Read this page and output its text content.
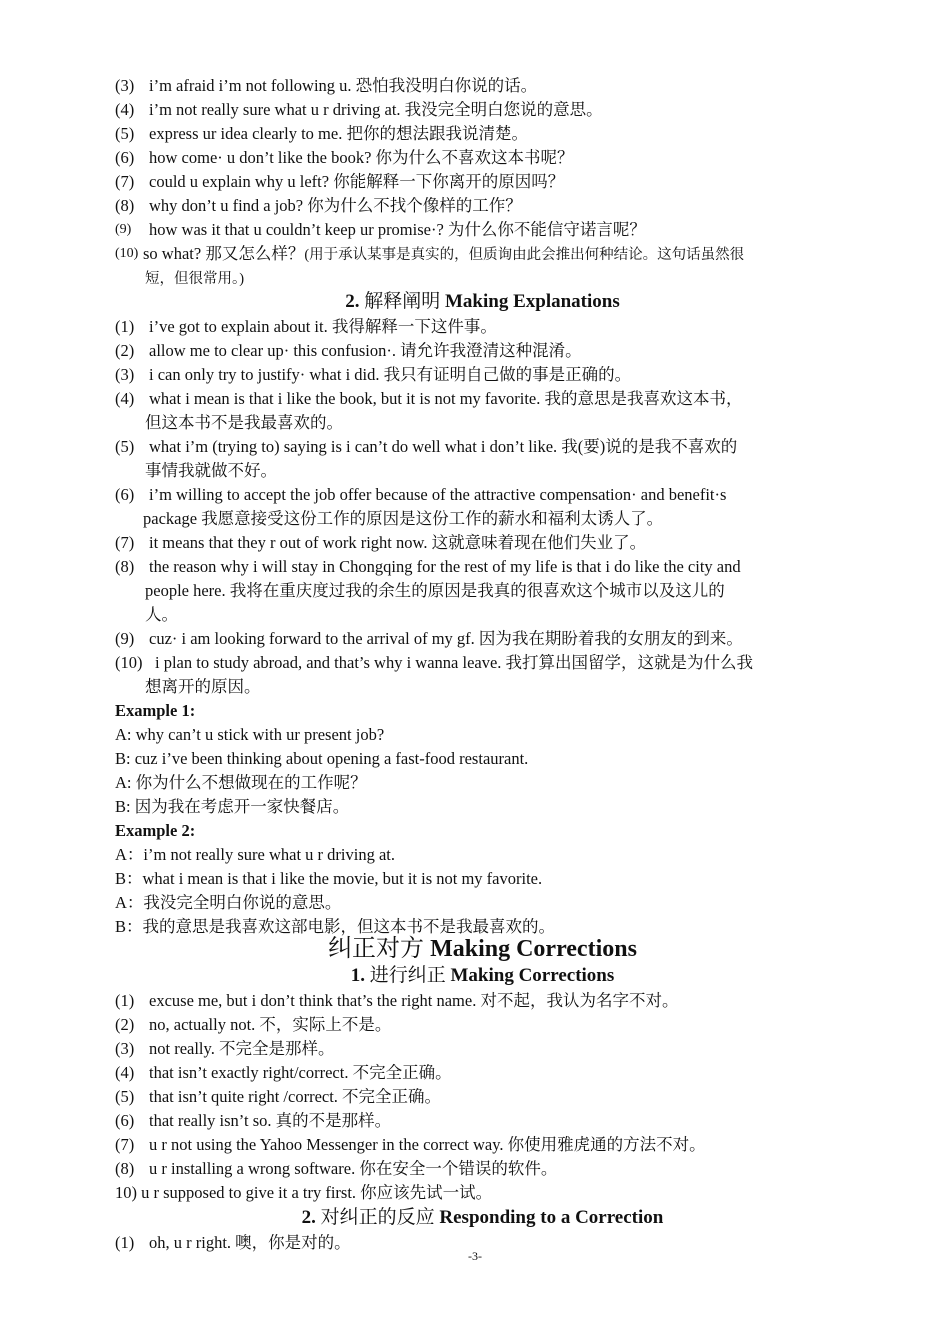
(3) i’m afraid i’m not following u. 恐怕我没明白你说的话。
(4) i’m not really sure what u r driving at. 我没完全明白您说的意思。
(5) express ur idea clearly to me. 把你的想法跟我说清楚。
(6) how come· u don’t like the book? 你为什么不喜欢这本书呢？
(7) could u explain why u left? 你能解释一下你离开的原因吗？
(8) why don’t u find a job? 你为什么不找个像样的工作？
(9)	how was it that u couldn’t keep ur promise·? 为什么你不能信守诺言呢？
(10) so what? 那又怎么样？(用于承认某事是真实的，但质询由此会推出何种结论。这句话虽然很
短，但很常用。)
2. 解释阐明 Making Explanations
(1) i’ve got to explain about it. 我得解释一下这件事。
(2) allow me to clear up· this confusion·. 请允许我澄清这种混淆。
(3) i can only try to justify· what i did. 我只有证明自己做的事是正确的。
(4) what i mean is that i like the book, but it is not my favorite. 我的意思是我喜欢这本书，
但这本书不是我最喜欢的。
(5) what i’m (trying to) saying is i can’t do well what i don’t like. 我(要)说的是我不喜欢的
事情我就做不好。
(6) i’m willing to accept the job offer because of the attractive compensation· and benefit·s
package 我愿意接受这份工作的原因是这份工作的薪水和福利太诱人了。
(7) it means that they r out of work right now. 这就意味着现在他们失业了。
(8) the reason why i will stay in Chongqing for the rest of my life is that i do like the city and
people here. 我将在重庆度过我的余生的原因是我真的很喜欢这个城市以及这儿的
人。
(9) cuz· i am looking forward to the arrival of my gf. 因为我在期盼着我的女朋友的到来。
(10) i plan to study abroad, and that’s why i wanna leave. 我打算出国留学，这就是为什么我
想离开的原因。
Example 1:
A: why can’t u stick with ur present job?
B: cuz i’ve been thinking about opening a fast-food restaurant.
A: 你为什么不想做现在的工作呢？
B: 因为我在考虑开一家快餐店。
Example 2:
A：i’m not really sure what u r driving at.
B：what i mean is that i like the movie, but it is not my favorite.
A：我没完全明白你说的意思。
B：我的意思是我喜欢这部电影，但这本书不是我最喜欢的。
纠正对方 Making Corrections
1. 进行纠正 Making Corrections
(1) excuse me, but i don’t think that’s the right name. 对不起，我认为名字不对。
(2) no, actually not. 不，实际上不是。
(3) not really. 不完全是那样。
(4) that isn’t exactly right/correct. 不完全正确。
(5) that isn’t quite right /correct. 不完全正确。
(6) that really isn’t so. 真的不是那样。
(7) u r not using the Yahoo Messenger in the correct way. 你使用雅虎通的方法不对。
(8) u r installing a wrong software. 你在安全一个错误的软件。
10) u r supposed to give it a try first. 你应该先试一试。
2. 对纠正的反应 Responding to a Correction
(1) oh, u r right. 噢，你是对的。
-3-
